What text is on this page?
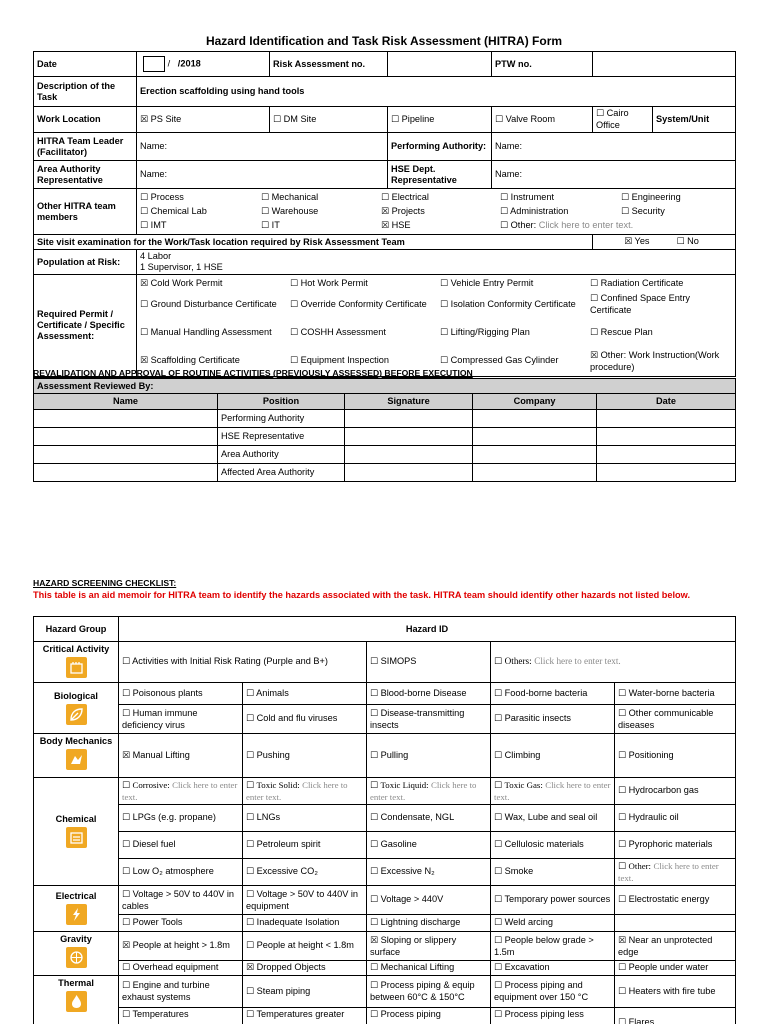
Hazard Identification and Task Risk Assessment (HITRA) Form
Date	/ /2018	Risk Assessment no.		PTW no.	
Description of the Task	Erection scaffolding using hand tools
Work Location	☒ PS Site	☐ DM Site	☐ Pipeline	☐ Valve Room	☐ Cairo Office	System/Unit
HITRA Team Leader (Facilitator)	Name:	Performing Authority:	Name:
Area Authority Representative	Name:	HSE Dept. Representative	Name:
Other HITRA team members	
☐ Process	☐ Mechanical	☐ Electrical	☐ Instrument	☐ Engineering
☐ Chemical Lab	☐ Warehouse	☒ Projects	☐ Administration	☐ Security
☐ IMT	☐ IT	☒ HSE	☐ Other: Click here to enter text.

Site visit examination for the Work/Task location required by Risk Assessment Team	☒ Yes	☐ No
Population at Risk:	
4 Labor
1 Supervisor, 1 HSE

Required Permit / Certificate / Specific Assessment:	
☒ Cold Work Permit	☐ Hot Work Permit	☐ Vehicle Entry Permit	☐ Radiation Certificate
☐ Ground Disturbance Certificate	☐ Override Conformity Certificate	☐ Isolation Conformity Certificate	☐ Confined Space Entry Certificate
☐ Manual Handling Assessment	☐ COSHH Assessment	☐ Lifting/Rigging Plan	☐ Rescue Plan
☒ Scaffolding Certificate	☐ Equipment Inspection	☐ Compressed Gas Cylinder	☒ Other: Work Instruction(Work procedure)
REVALIDATION AND APPROVAL OF ROUTINE ACTIVITIES (PREVIOUSLY ASSESSED) BEFORE EXECUTION
Assessment Reviewed By:				
Name	Position	Signature	Company	Date
	Performing Authority			
	HSE Representative			
	Area Authority			
	Affected Area Authority			
HAZARD SCREENING CHECKLIST:
This table is an aid memoir for HITRA team to identify the hazards associated with the task. HITRA team should identify other hazards not listed below.
Hazard Group	Hazard ID				

Critical Activity	☐ Activities with Initial Risk Rating (Purple and B+)		☐ SIMOPS	☐ Others: Click here to enter text.	

Biological	☐ Poisonous plants	☐ Animals	☐ Blood-borne Disease	☐ Food-borne bacteria	☐ Water-borne bacteria
	☐ Human immune deficiency virus	☐ Cold and flu viruses	☐ Disease-transmitting insects	☐ Parasitic insects	☐ Other communicable diseases

Body Mechanics	☒ Manual Lifting	☐ Pushing	☐ Pulling	☐ Climbing	☐ Positioning

Chemical	☐ Corrosive: Click here to enter text.	☐ Toxic Solid: Click here to enter text.	☐ Toxic Liquid: Click here to enter text.	☐ Toxic Gas: Click here to enter text.	☐ Hydrocarbon gas
	☐ LPGs (e.g. propane)	☐ LNGs	☐ Condensate, NGL	☐ Wax, Lube and seal oil	☐ Hydraulic oil
	☐ Diesel fuel	☐ Petroleum spirit	☐ Gasoline	☐ Cellulosic materials	☐ Pyrophoric materials
	☐ Low O₂ atmosphere	☐ Excessive CO₂	☐ Excessive N₂	☐ Smoke	☐ Other: Click here to enter text.

Electrical	☐ Voltage > 50V to 440V in cables	☐ Voltage > 50V to 440V in equipment	☐ Voltage > 440V	☐ Temporary power sources	☐ Electrostatic energy
	☐ Power Tools	☐ Inadequate Isolation	☐ Lightning discharge	☐ Weld arcing	

Gravity	☒ People at height > 1.8m	☐ People at height < 1.8m	☒ Sloping or slippery surface	☐ People below grade > 1.5m	☒ Near an unprotected edge
	☐ Overhead equipment	☒ Dropped Objects	☐ Mechanical Lifting	☐ Excavation	☐ People under water

Thermal	☐ Engine and turbine exhaust systems	☐ Steam piping	☐ Process piping & equip between 60°C & 150°C	☐ Process piping and equipment over 150 °C	☐ Heaters with fire tube
	☐ Temperatures	☐ Temperatures greater	☐ Process piping	☐ Process piping less	☐ Flares
